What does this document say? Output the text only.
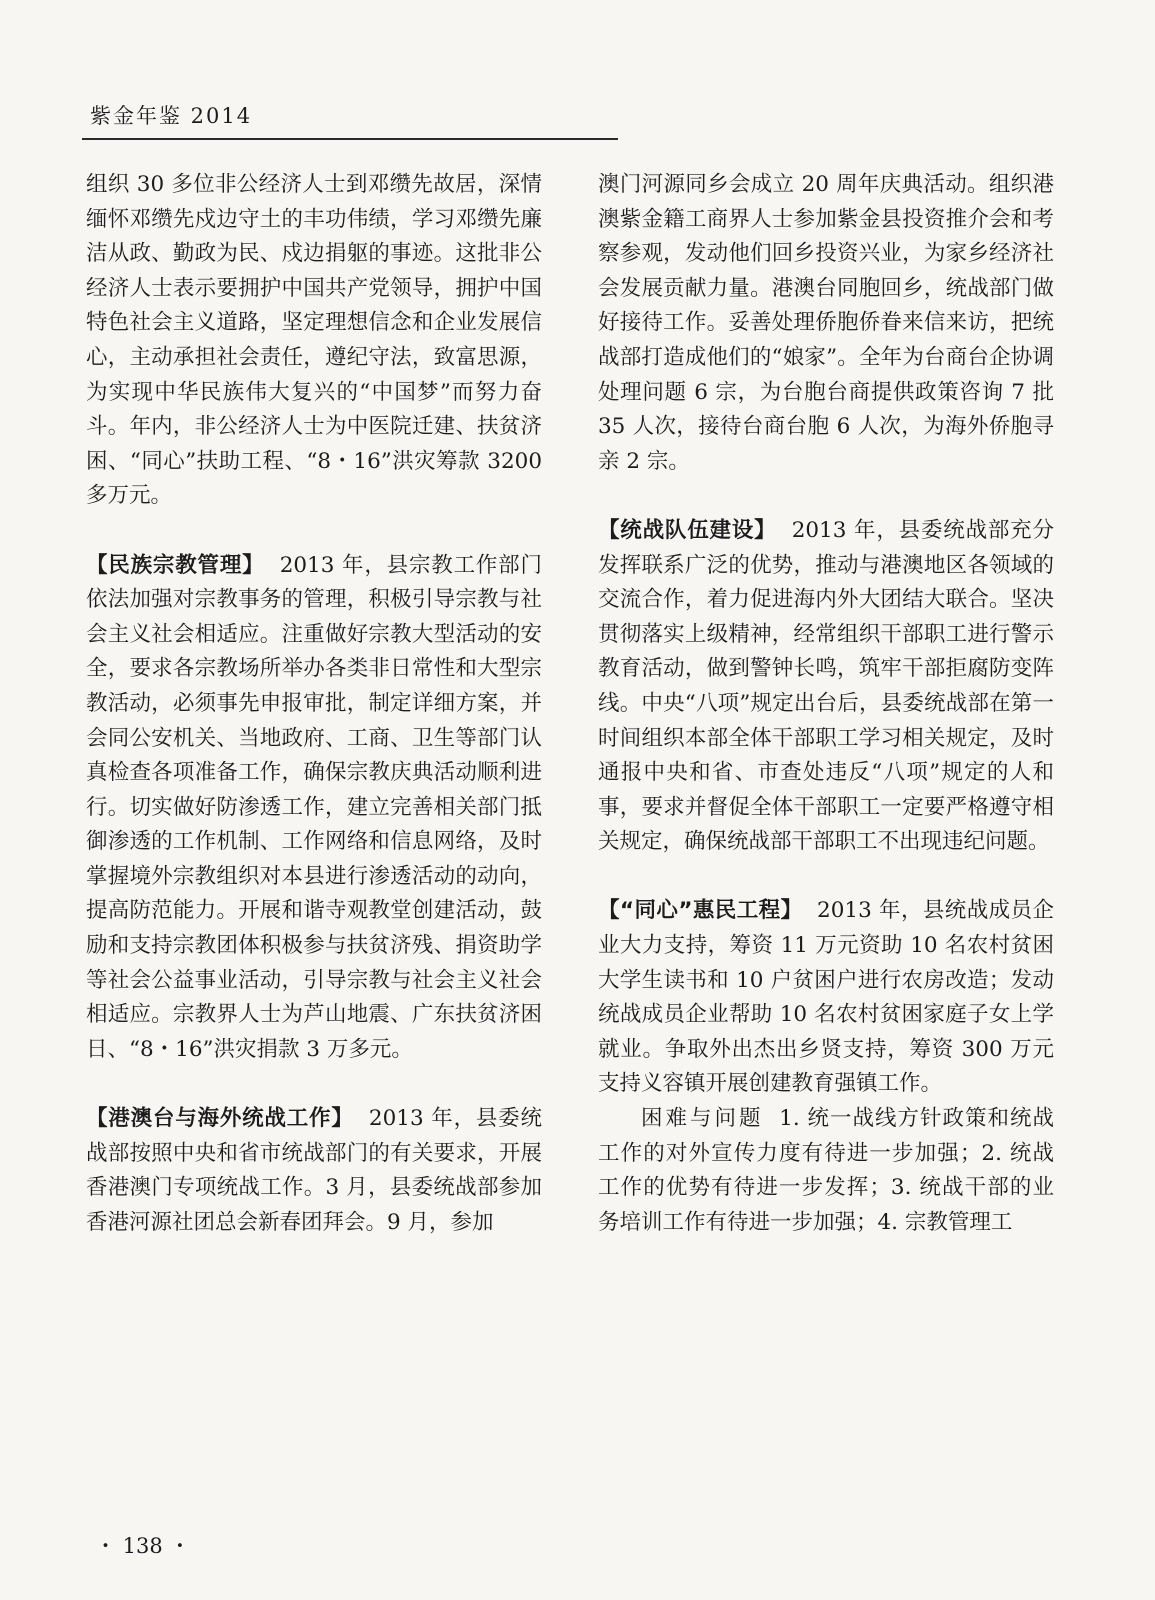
紫金年鉴 2014

组织 30 多位非公经济人士到邓缵先故居，深情缅怀邓缵先戍边守土的丰功伟绩，学习邓缵先廉洁从政、勤政为民、戍边捐躯的事迹。这批非公经济人士表示要拥护中国共产党领导，拥护中国特色社会主义道路，坚定理想信念和企业发展信心，主动承担社会责任，遵纪守法，致富思源，为实现中华民族伟大复兴的“中国梦”而努力奋斗。年内，非公经济人士为中医院迁建、扶贫济困、“同心”扶助工程、“8・16”洪灾筹款 3200 多万元。

【民族宗教管理】 2013 年，县宗教工作部门依法加强对宗教事务的管理，积极引导宗教与社会主义社会相适应。注重做好宗教大型活动的安全，要求各宗教场所举办各类非日常性和大型宗教活动，必须事先申报审批，制定详细方案，并会同公安机关、当地政府、工商、卫生等部门认真检查各项准备工作，确保宗教庆典活动顺利进行。切实做好防渗透工作，建立完善相关部门抵御渗透的工作机制、工作网络和信息网络，及时掌握境外宗教组织对本县进行渗透活动的动向，提高防范能力。开展和谐寺观教堂创建活动，鼓励和支持宗教团体积极参与扶贫济残、捐资助学等社会公益事业活动，引导宗教与社会主义社会相适应。宗教界人士为芦山地震、广东扶贫济困日、“8・16”洪灾捐款 3 万多元。

【港澳台与海外统战工作】 2013 年，县委统战部按照中央和省市统战部门的有关要求，开展香港澳门专项统战工作。3 月，县委统战部参加香港河源社团总会新春团拜会。9 月，参加

澳门河源同乡会成立 20 周年庆典活动。组织港澳紫金籍工商界人士参加紫金县投资推介会和考察参观，发动他们回乡投资兴业，为家乡经济社会发展贡献力量。港澳台同胞回乡，统战部门做好接待工作。妥善处理侨胞侨眷来信来访，把统战部打造成他们的“娘家”。全年为台商台企协调处理问题 6 宗，为台胞台商提供政策咨询 7 批 35 人次，接待台商台胞 6 人次，为海外侨胞寻亲 2 宗。

【统战队伍建设】 2013 年，县委统战部充分发挥联系广泛的优势，推动与港澳地区各领域的交流合作，着力促进海内外大团结大联合。坚决贯彻落实上级精神，经常组织干部职工进行警示教育活动，做到警钟长鸣，筑牢干部拒腐防变阵线。中央“八项”规定出台后，县委统战部在第一时间组织本部全体干部职工学习相关规定，及时通报中央和省、市查处违反“八项”规定的人和事，要求并督促全体干部职工一定要严格遵守相关规定，确保统战部干部职工不出现违纪问题。

【“同心”惠民工程】 2013 年，县统战成员企业大力支持，筹资 11 万元资助 10 名农村贫困大学生读书和 10 户贫困户进行农房改造；发动统战成员企业帮助 10 名农村贫困家庭子女上学就业。争取外出杰出乡贤支持，筹资 300 万元支持义容镇开展创建教育强镇工作。

困难与问题 1. 统一战线方针政策和统战工作的对外宣传力度有待进一步加强；2. 统战工作的优势有待进一步发挥；3. 统战干部的业务培训工作有待进一步加强；4. 宗教管理工

・ 138 ・
